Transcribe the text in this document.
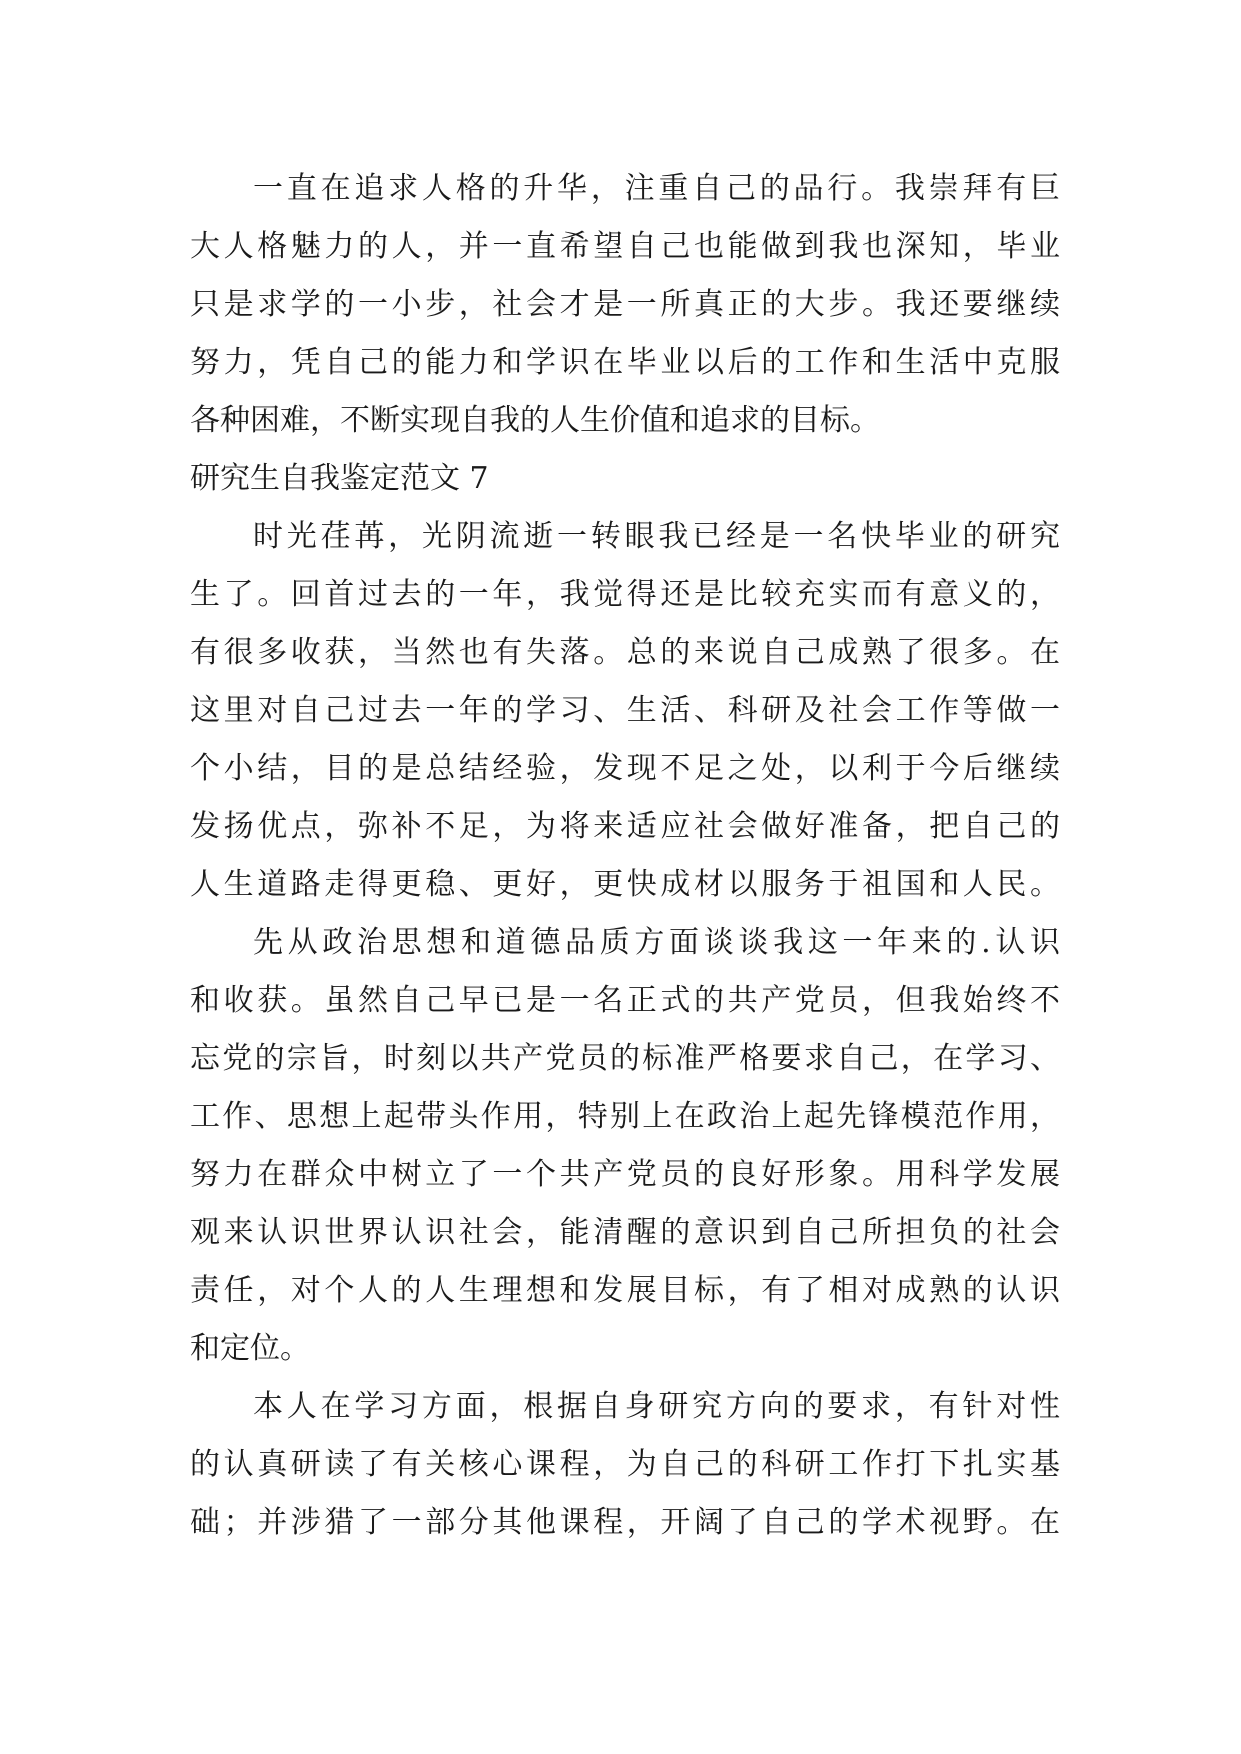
一直在追求人格的升华，注重自己的品行。我崇拜有巨
大人格魅力的人，并一直希望自己也能做到我也深知，毕业
只是求学的一小步，社会才是一所真正的大步。我还要继续
努力，凭自己的能力和学识在毕业以后的工作和生活中克服
各种困难，不断实现自我的人生价值和追求的目标。
研究生自我鉴定范文 7
时光荏苒，光阴流逝一转眼我已经是一名快毕业的研究
生了。回首过去的一年，我觉得还是比较充实而有意义的，
有很多收获，当然也有失落。总的来说自己成熟了很多。在
这里对自己过去一年的学习、生活、科研及社会工作等做一
个小结，目的是总结经验，发现不足之处，以利于今后继续
发扬优点，弥补不足，为将来适应社会做好准备，把自己的
人生道路走得更稳、更好，更快成材以服务于祖国和人民。
先从政治思想和道德品质方面谈谈我这一年来的.认识
和收获。虽然自己早已是一名正式的共产党员，但我始终不
忘党的宗旨，时刻以共产党员的标准严格要求自己，在学习、
工作、思想上起带头作用，特别上在政治上起先锋模范作用，
努力在群众中树立了一个共产党员的良好形象。用科学发展
观来认识世界认识社会，能清醒的意识到自己所担负的社会
责任，对个人的人生理想和发展目标，有了相对成熟的认识
和定位。
本人在学习方面，根据自身研究方向的要求，有针对性
的认真研读了有关核心课程，为自己的科研工作打下扎实基
础；并涉猎了一部分其他课程，开阔了自己的学术视野。在
